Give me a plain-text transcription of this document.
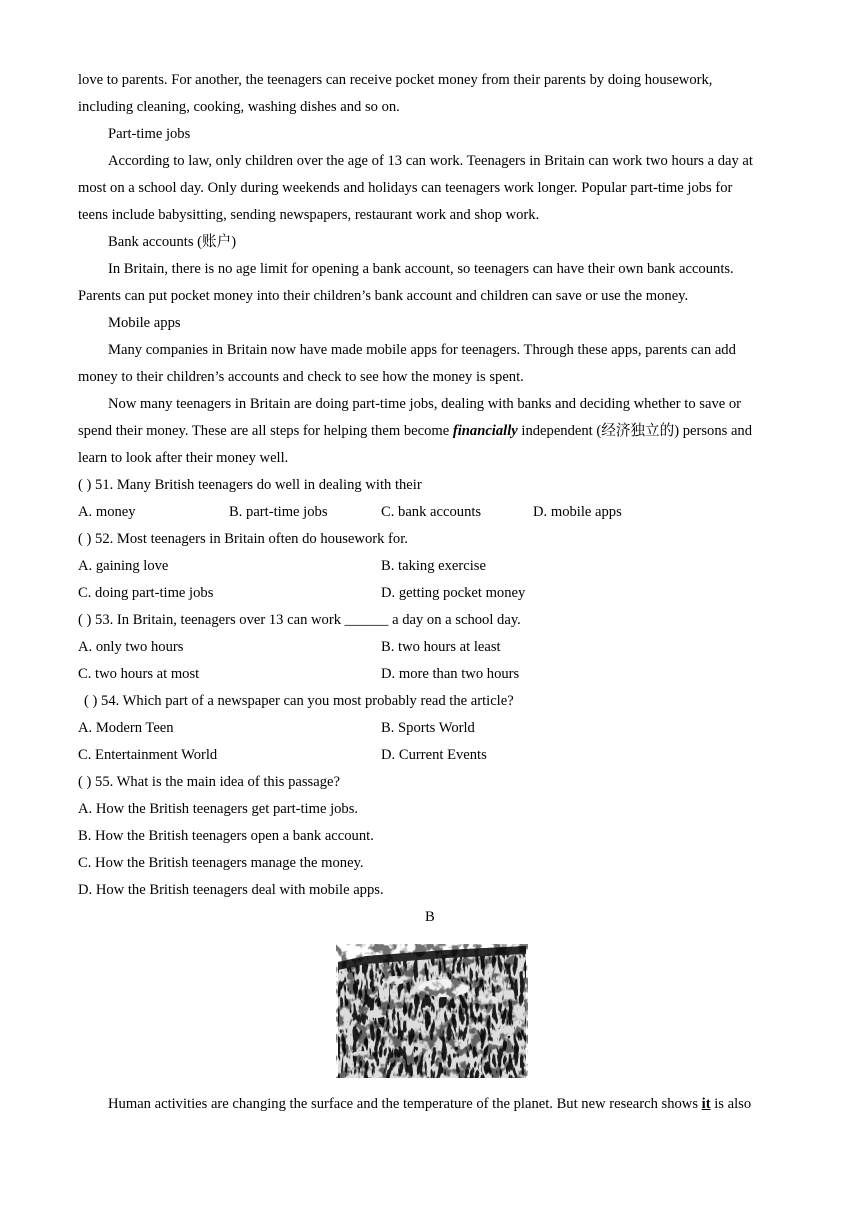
love to parents. For another, the teenagers can receive pocket money from their parents by doing housework,
including cleaning, cooking, washing dishes and so on.
Part-time jobs
According to law, only children over the age of 13 can work. Teenagers in Britain can work two hours a day at
most on a school day. Only during weekends and holidays can teenagers work longer. Popular part-time jobs for
teens include babysitting, sending newspapers, restaurant work and shop work.
Bank accounts (账户)
In Britain, there is no age limit for opening a bank account, so teenagers can have their own bank accounts.
Parents can put pocket money into their children’s bank account and children can save or use the money.
Mobile apps
Many companies in Britain now have made mobile apps for teenagers. Through these apps, parents can add
money to their children’s accounts and check to see how the money is spent.
Now many teenagers in Britain are doing part-time jobs, dealing with banks and deciding whether to save or
spend their money. These are all steps for helping them become financially independent (经济独立的) persons and
learn to look after their money well.
( ) 51. Many British teenagers do well in dealing with their
A. money	B. part-time jobs	C. bank accounts	D. mobile apps
( ) 52. Most teenagers in Britain often do housework for.
A. gaining love	B. taking exercise
C. doing part-time jobs	D. getting pocket money
( ) 53. In Britain, teenagers over 13 can work ______ a day on a school day.
A. only two hours	B. two hours at least
C. two hours at most	D. more than two hours
( ) 54. Which part of a newspaper can you most probably read the article?
A. Modern Teen	B. Sports World
C. Entertainment World	D. Current Events
( ) 55. What is the main idea of this passage?
A. How the British teenagers get part-time jobs.
B. How the British teenagers open a bank account.
C. How the British teenagers manage the money.
D. How the British teenagers deal with mobile apps.
B
Human activities are changing the surface and the temperature of the planet. But new research shows it is also
